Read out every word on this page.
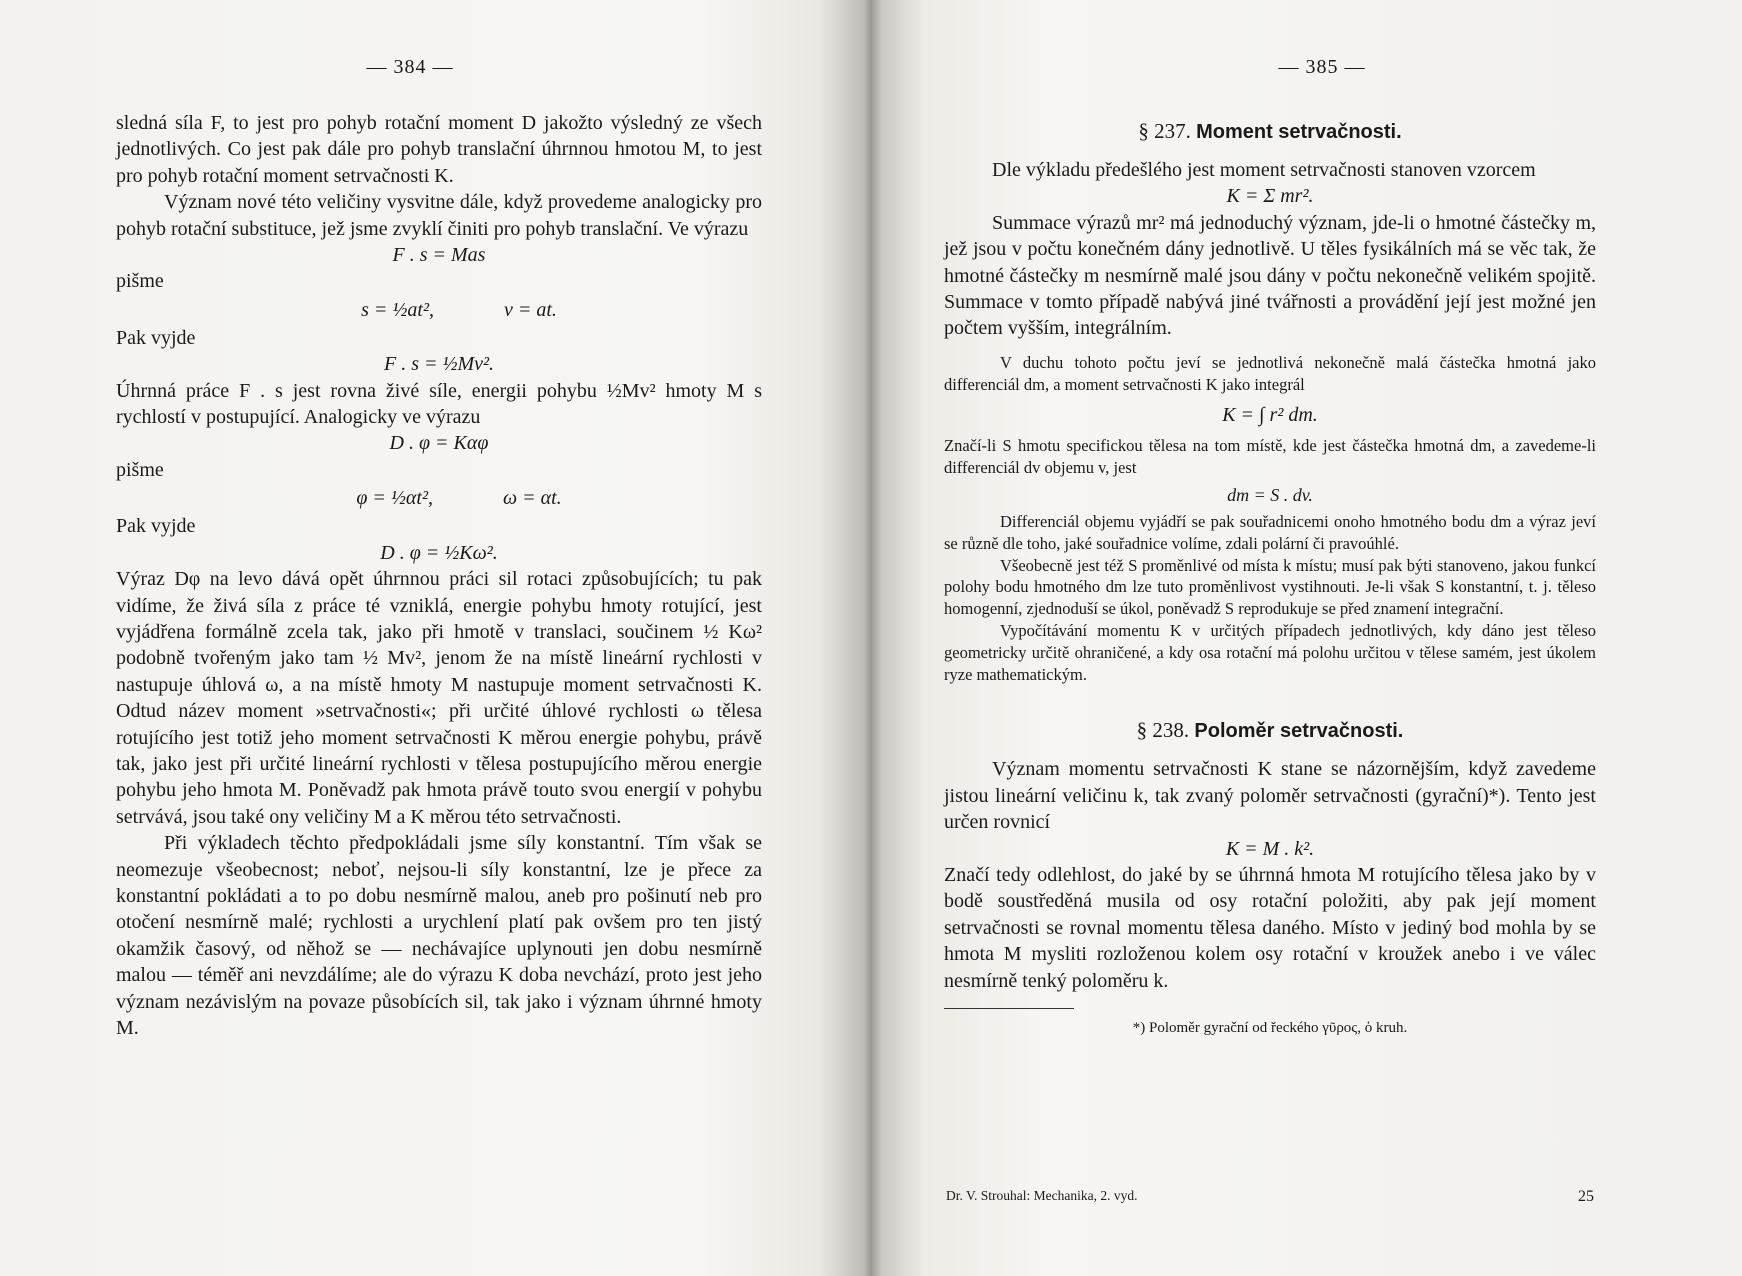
— 384 —

sledná síla F, to jest pro pohyb rotační moment D jakožto výsledný ze všech jednotlivých. Co jest pak dále pro pohyb translační úhrnnou hmotou M, to jest pro pohyb rotační moment setrvačnosti K.

Význam nové této veličiny vysvitne dále, když provedeme analogicky pro pohyb rotační substituce, jež jsme zvyklí činiti pro pohyb translační. Ve výrazu

F . s = Mas
pišme
s = ½at²,	v = at.
Pak vyjde
F . s = ½Mv².

Úhrnná práce F . s jest rovna živé síle, energii pohybu ½Mv² hmoty M s rychlostí v postupující. Analogicky ve výrazu

D . φ = Kαφ
pišme
φ = ½αt²,	ω = αt.
Pak vyjde
D . φ = ½Kω².

Výraz Dφ na levo dává opět úhrnnou práci sil rotaci způsobujících; tu pak vidíme, že živá síla z práce té vzniklá, energie pohybu hmoty rotující, jest vyjádřena formálně zcela tak, jako při hmotě v translaci, součinem ½ Kω² podobně tvořeným jako tam ½ Mv², jenom že na místě lineární rychlosti v nastupuje úhlová ω, a na místě hmoty M nastupuje moment setrvačnosti K. Odtud název moment »setrvačnosti«; při určité úhlové rychlosti ω tělesa rotujícího jest totiž jeho moment setrvačnosti K měrou energie pohybu, právě tak, jako jest při určité lineární rychlosti v tělesa postupujícího měrou energie pohybu jeho hmota M. Poněvadž pak hmota právě touto svou energií v pohybu setrvává, jsou také ony veličiny M a K měrou této setrvačnosti.

Při výkladech těchto předpokládali jsme síly konstantní. Tím však se neomezuje všeobecnost; neboť, nejsou-li síly konstantní, lze je přece za konstantní pokládati a to po dobu nesmírně malou, aneb pro pošinutí neb pro otočení nesmírně malé; rychlosti a urychlení platí pak ovšem pro ten jistý okamžik časový, od něhož se — nechávajíce uplynouti jen dobu nesmírně malou — téměř ani nevzdálíme; ale do výrazu K doba nevchází, proto jest jeho význam nezávislým na povaze působících sil, tak jako i význam úhrnné hmoty M.

— 385 —
§ 237. Moment setrvačnosti.

Dle výkladu předešlého jest moment setrvačnosti stanoven vzorcem

K = Σ mr².

Summace výrazů mr² má jednoduchý význam, jde-li o hmotné částečky m, jež jsou v počtu konečném dány jednotlivě. U těles fysikálních má se věc tak, že hmotné částečky m nesmírně malé jsou dány v počtu nekonečně velikém spojitě. Summace v tomto případě nabývá jiné tvářnosti a provádění její jest možné jen počtem vyšším, integrálním.

V duchu tohoto počtu jeví se jednotlivá nekonečně malá částečka hmotná jako differenciál dm, a moment setrvačnosti K jako integrál

K = ∫ r² dm.

Značí-li S hmotu specifickou tělesa na tom místě, kde jest částečka hmotná dm, a zavedeme-li differenciál dv objemu v, jest

dm = S . dv.

Differenciál objemu vyjádří se pak souřadnicemi onoho hmotného bodu dm a výraz jeví se různě dle toho, jaké souřadnice volíme, zdali polární či pravoúhlé.

Všeobecně jest též S proměnlivé od místa k místu; musí pak býti stanoveno, jakou funkcí polohy bodu hmotného dm lze tuto proměnlivost vystihnouti. Je-li však S konstantní, t. j. těleso homogenní, zjednoduší se úkol, poněvadž S reprodukuje se před znamení integrační.

Vypočítávání momentu K v určitých případech jednotlivých, kdy dáno jest těleso geometricky určitě ohraničené, a kdy osa rotační má polohu určitou v tělese samém, jest úkolem ryze mathematickým.

§ 238. Poloměr setrvačnosti.

Význam momentu setrvačnosti K stane se názornějším, když zavedeme jistou lineární veličinu k, tak zvaný poloměr setrvačnosti (gyrační)*). Tento jest určen rovnicí

K = M . k².

Značí tedy odlehlost, do jaké by se úhrnná hmota M rotujícího tělesa jako by v bodě soustředěná musila od osy rotační položiti, aby pak její moment setrvačnosti se rovnal momentu tělesa daného. Místo v jediný bod mohla by se hmota M mysliti rozloženou kolem osy rotační v kroužek anebo i ve válec nesmírně tenký poloměru k.

*) Poloměr gyrační od řeckého γῦρος, ὁ kruh.
Dr. V. Strouhal: Mechanika, 2. vyd.	25
